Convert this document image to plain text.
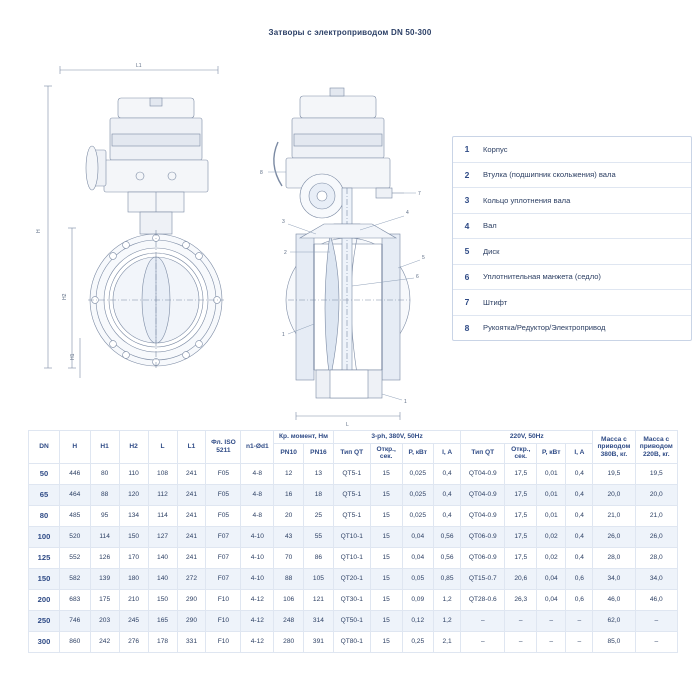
Затворы с электроприводом DN 50-300
L1
H
H2
H1
L
8
7
4
3
2
5
6
1
1
1	Корпус
2	Втулка (подшипник скольжения) вала
3	Кольцо уплотнения вала
4	Вал
5	Диск
6	Уплотнительная манжета (седло)
7	Штифт
8	Рукоятка/Редуктор/Электропривод
DN	H	H1	H2	L	L1	Фл. ISO 5211	n1-Ød1	Кр. момент, Нм		3-ph, 380V, 50Hz				220V, 50Hz				Масса с приводом 380В, кг.	Масса с приводом 220В, кг.
								PN10	PN16	Тип QT	Откр., сек.	P, кВт	I, A	Тип QT	Откр., сек.	P, кВт	I, A		
50	446	80	110	108	241	F05	4-8	12	13	QT5-1	15	0,025	0,4	QT04-0.9	17,5	0,01	0,4	19,5	19,5
65	464	88	120	112	241	F05	4-8	16	18	QT5-1	15	0,025	0,4	QT04-0.9	17,5	0,01	0,4	20,0	20,0
80	485	95	134	114	241	F05	4-8	20	25	QT5-1	15	0,025	0,4	QT04-0.9	17,5	0,01	0,4	21,0	21,0
100	520	114	150	127	241	F07	4-10	43	55	QT10-1	15	0,04	0,56	QT06-0.9	17,5	0,02	0,4	26,0	26,0
125	552	126	170	140	241	F07	4-10	70	86	QT10-1	15	0,04	0,56	QT06-0.9	17,5	0,02	0,4	28,0	28,0
150	582	139	180	140	272	F07	4-10	88	105	QT20-1	15	0,05	0,85	QT15-0.7	20,6	0,04	0,6	34,0	34,0
200	683	175	210	150	290	F10	4-12	106	121	QT30-1	15	0,09	1,2	QT28-0.6	26,3	0,04	0,6	46,0	46,0
250	746	203	245	165	290	F10	4-12	248	314	QT50-1	15	0,12	1,2	–	–	–	–	62,0	–
300	860	242	276	178	331	F10	4-12	280	391	QT80-1	15	0,25	2,1	–	–	–	–	85,0	–
